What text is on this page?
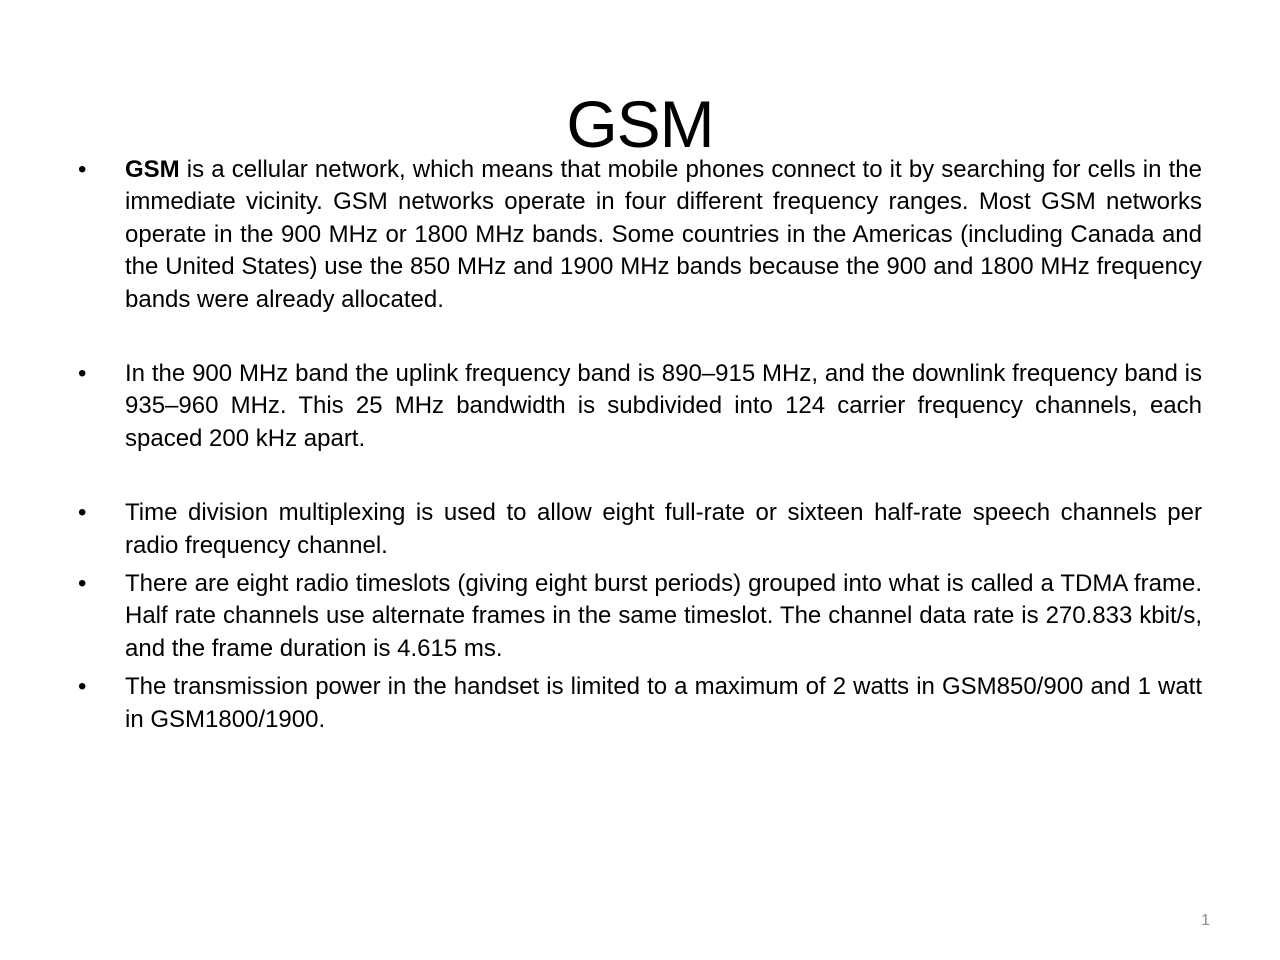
GSM
•	GSM is a cellular network, which means that mobile phones connect to it by searching for cells in the immediate vicinity. GSM networks operate in four different frequency ranges. Most GSM networks operate in the 900 MHz or 1800 MHz bands. Some countries in the Americas (including Canada and the United States) use the 850 MHz and 1900 MHz bands because the 900 and 1800 MHz frequency bands were already allocated.
•	In the 900 MHz band the uplink frequency band is 890–915 MHz, and the downlink frequency band is 935–960 MHz. This 25 MHz bandwidth is subdivided into 124 carrier frequency channels, each spaced 200 kHz apart.
•	Time division multiplexing is used to allow eight full-rate or sixteen half-rate speech channels per radio frequency channel.
•	There are eight radio timeslots (giving eight burst periods) grouped into what is called a TDMA frame. Half rate channels use alternate frames in the same timeslot. The channel data rate is 270.833 kbit/s, and the frame duration is 4.615 ms.
•	The transmission power in the handset is limited to a maximum of 2 watts in GSM850/900 and 1 watt in GSM1800/1900.
1
